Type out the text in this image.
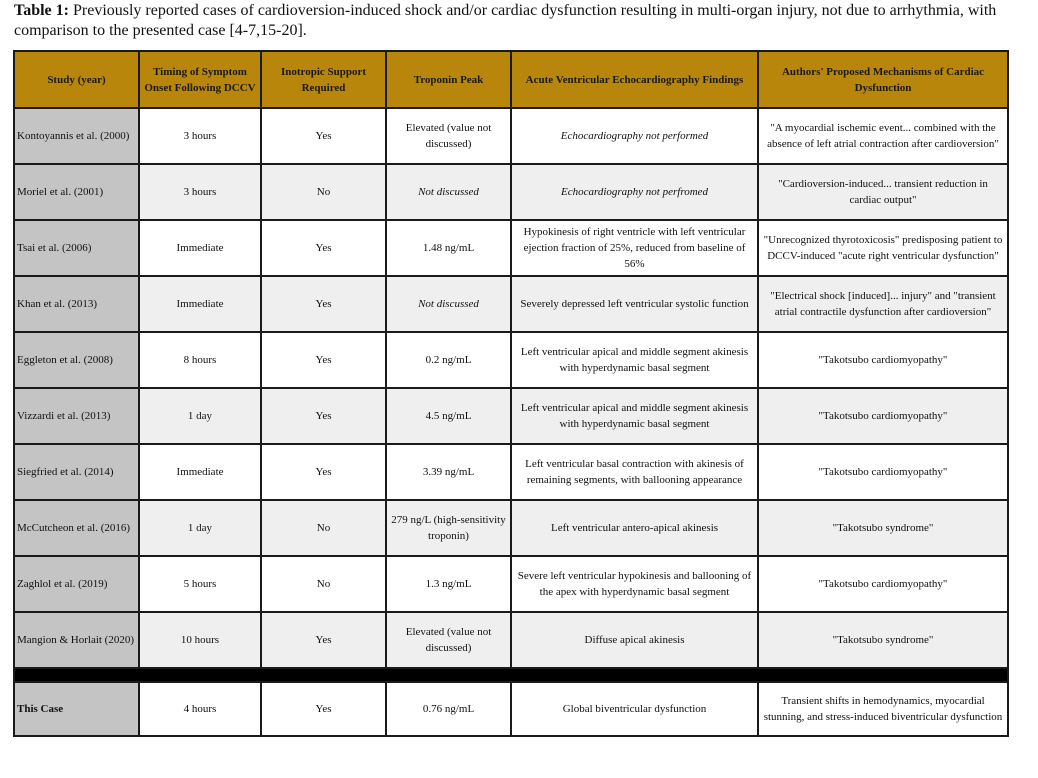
Table 1: Previously reported cases of cardioversion-induced shock and/or cardiac dysfunction resulting in multi-organ injury, not due to arrhythmia, with comparison to the presented case [4-7,15-20].
Study (year)	Timing of Symptom Onset Following DCCV	Inotropic Support Required	Troponin Peak	Acute Ventricular Echocardiography Findings	Authors' Proposed Mechanisms of Cardiac Dysfunction
Kontoyannis et al. (2000)	3 hours	Yes	Elevated (value not discussed)	Echocardiography not performed	"A myocardial ischemic event... combined with the absence of left atrial contraction after cardioversion"
Moriel et al. (2001)	3 hours	No	Not discussed	Echocardiography not perfromed	"Cardioversion-induced... transient reduction in cardiac output"
Tsai et al. (2006)	Immediate	Yes	1.48 ng/mL	Hypokinesis of right ventricle with left ventricular ejection fraction of 25%, reduced from baseline of 56%	"Unrecognized thyrotoxicosis" predisposing patient to DCCV-induced "acute right ventricular dysfunction"
Khan et al. (2013)	Immediate	Yes	Not discussed	Severely depressed left ventricular systolic function	"Electrical shock [induced]... injury" and "transient atrial contractile dysfunction after cardioversion"
Eggleton et al. (2008)	8 hours	Yes	0.2 ng/mL	Left ventricular apical and middle segment akinesis with hyperdynamic basal segment	"Takotsubo cardiomyopathy"
Vizzardi et al. (2013)	1 day	Yes	4.5 ng/mL	Left ventricular apical and middle segment akinesis with hyperdynamic basal segment	"Takotsubo cardiomyopathy"
Siegfried et al. (2014)	Immediate	Yes	3.39 ng/mL	Left ventricular basal contraction with akinesis of remaining segments, with ballooning appearance	"Takotsubo cardiomyopathy"
McCutcheon et al. (2016)	1 day	No	279 ng/L (high-sensitivity troponin)	Left ventricular antero-apical akinesis	"Takotsubo syndrome"
Zaghlol et al. (2019)	5 hours	No	1.3 ng/mL	Severe left ventricular hypokinesis and ballooning of the apex with hyperdynamic basal segment	"Takotsubo cardiomyopathy"
Mangion & Horlait (2020)	10 hours	Yes	Elevated (value not discussed)	Diffuse apical akinesis	"Takotsubo syndrome"

This Case	4 hours	Yes	0.76 ng/mL	Global biventricular dysfunction	Transient shifts in hemodynamics, myocardial stunning, and stress-induced biventricular dysfunction
